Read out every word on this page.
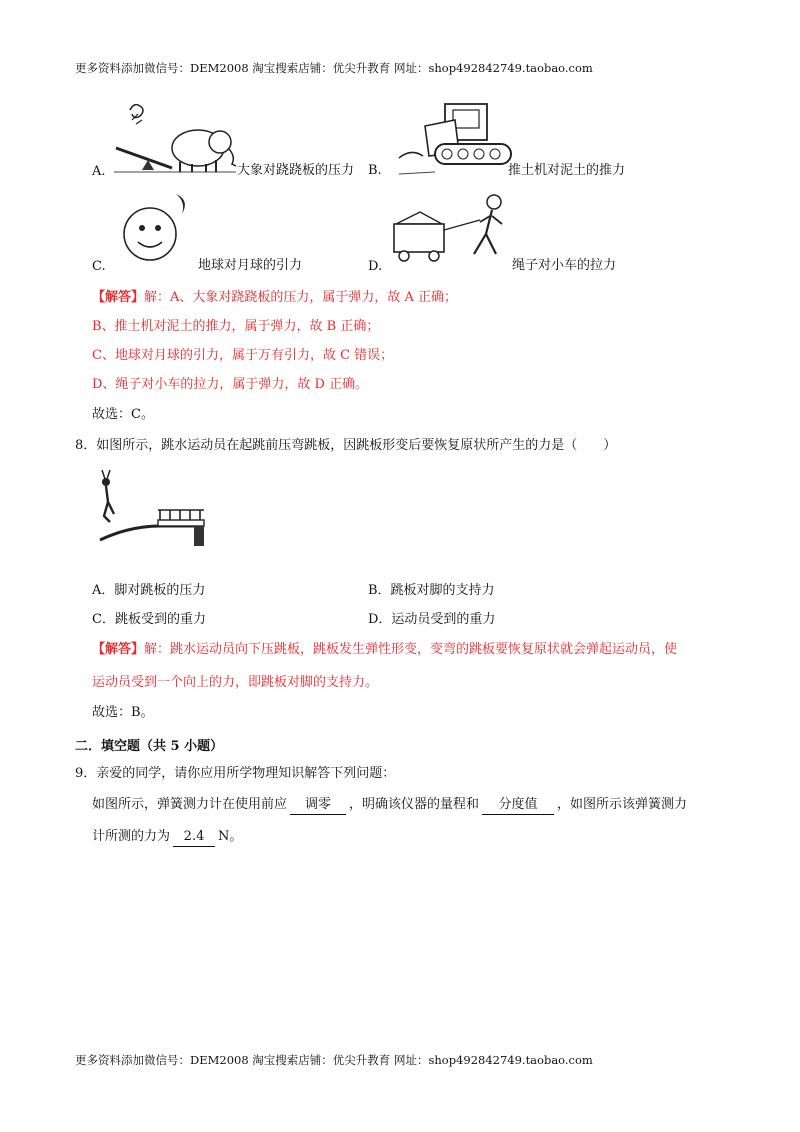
更多资料添加微信号：DEM2008 淘宝搜索店铺：优尖升教育 网址：shop492842749.taobao.com
A.	大象对跷跷板的压力 B.	推土机对泥土的推力
C.	地球对月球的引力	D.	绳子对小车的拉力
【解答】解：A、大象对跷跷板的压力，属于弹力，故 A 正确；
B、推土机对泥土的推力，属于弹力，故 B 正确；
C、地球对月球的引力，属于万有引力，故 C 错误；
D、绳子对小车的拉力，属于弹力，故 D 正确。
故选：C。
8．如图所示，跳水运动员在起跳前压弯跳板，因跳板形变后要恢复原状所产生的力是（　　）
A．脚对跳板的压力	B．跳板对脚的支持力
C．跳板受到的重力	D．运动员受到的重力
【解答】解：跳水运动员向下压跳板，跳板发生弹性形变，变弯的跳板要恢复原状就会弹起运动员，使
运动员受到一个向上的力，即跳板对脚的支持力。
故选：B。
二．填空题（共 5 小题）
9．亲爱的同学，请你应用所学物理知识解答下列问题：
如图所示，弹簧测力计在使用前应 调零 ，明确该仪器的量程和 分度值 ，如图所示该弹簧测力
计所测的力为 2.4 N。
更多资料添加微信号：DEM2008 淘宝搜索店铺：优尖升教育 网址：shop492842749.taobao.com
